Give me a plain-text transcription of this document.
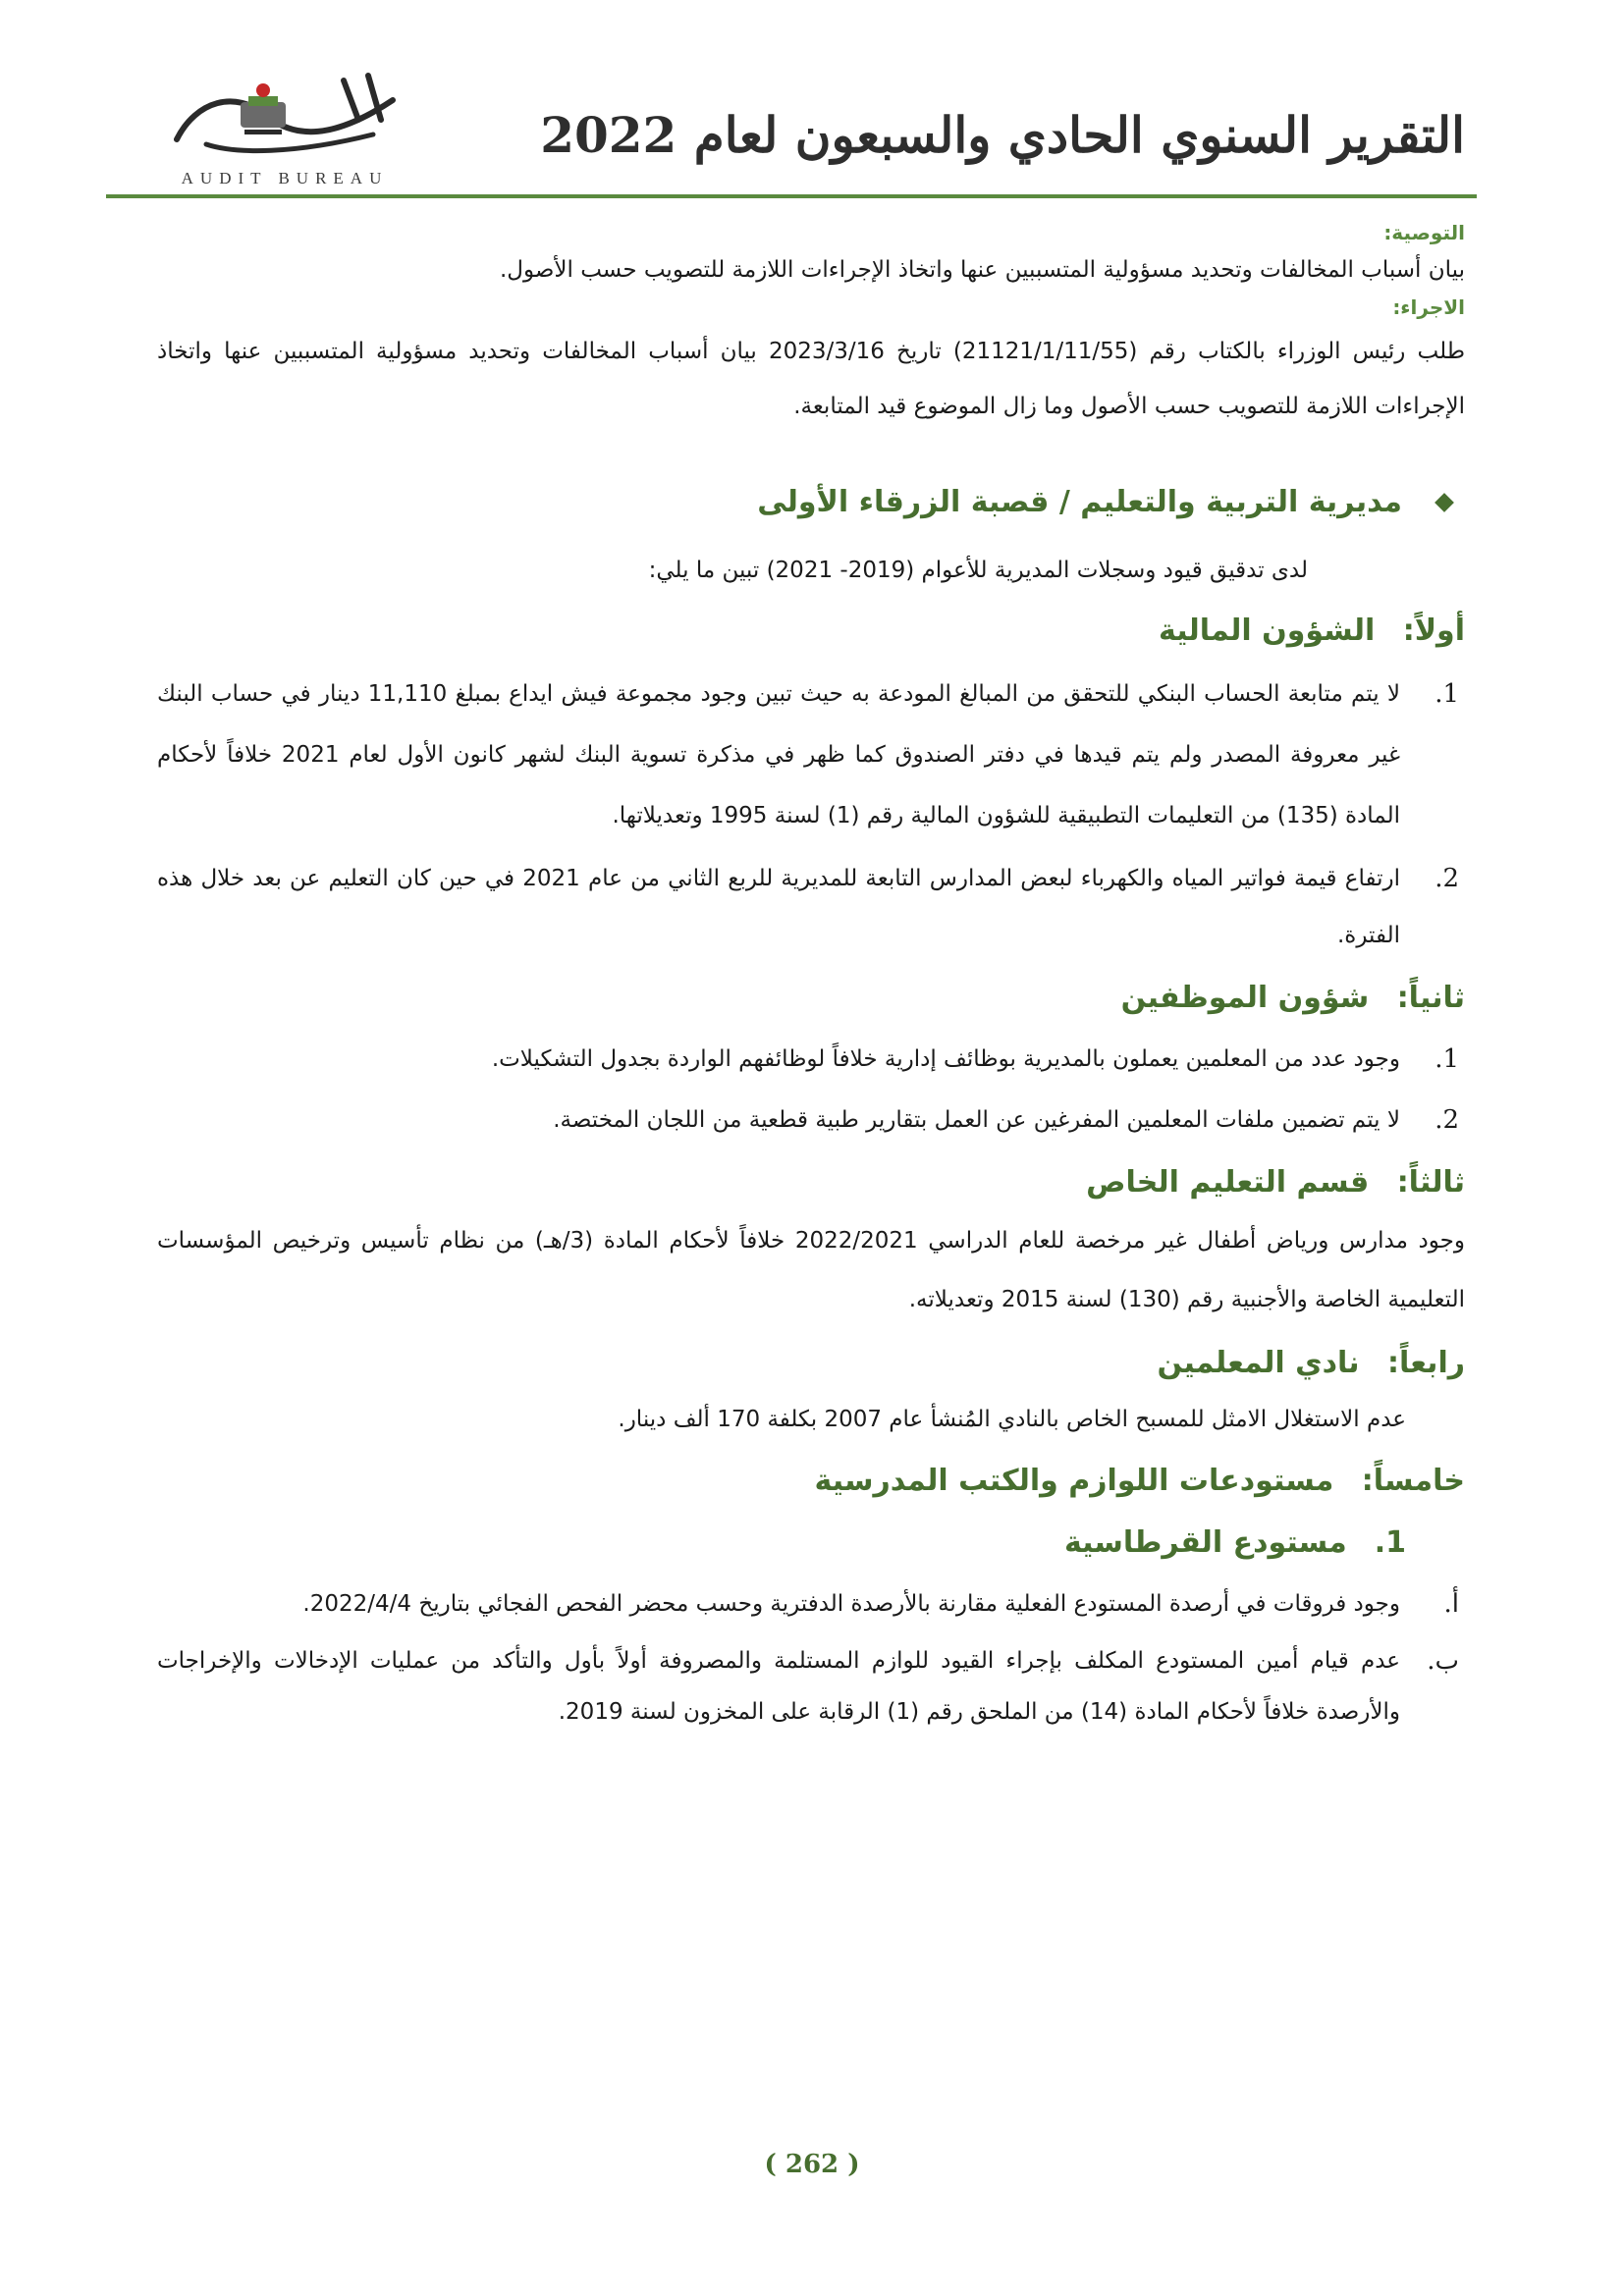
التقرير السنوي الحادي والسبعون لعام 2022
AUDIT BUREAU
التوصية:

بيان أسباب المخالفات وتحديد مسؤولية المتسببين عنها واتخاذ الإجراءات اللازمة للتصويب حسب الأصول.

الاجراء:

طلب رئيس الوزراء بالكتاب رقم (21121/1/11/55) تاريخ 2023/3/16 بيان أسباب المخالفات وتحديد مسؤولية المتسببين عنها واتخاذ الإجراءات اللازمة للتصويب حسب الأصول وما زال الموضوع قيد المتابعة.

مديرية التربية والتعليم / قصبة الزرقاء الأولى

لدى تدقيق قيود وسجلات المديرية للأعوام (2019- 2021) تبين ما يلي:

أولاً: الشؤون المالية
1.
لا يتم متابعة الحساب البنكي للتحقق من المبالغ المودعة به حيث تبين وجود مجموعة فيش ايداع بمبلغ 11,110 دينار في حساب البنك غير معروفة المصدر ولم يتم قيدها في دفتر الصندوق كما ظهر في مذكرة تسوية البنك لشهر كانون الأول لعام 2021 خلافاً لأحكام المادة (135) من التعليمات التطبيقية للشؤون المالية رقم (1) لسنة 1995 وتعديلاتها.
2.
ارتفاع قيمة فواتير المياه والكهرباء لبعض المدارس التابعة للمديرية للربع الثاني من عام 2021 في حين كان التعليم عن بعد خلال هذه الفترة.
ثانياً: شؤون الموظفين
1.
وجود عدد من المعلمين يعملون بالمديرية بوظائف إدارية خلافاً لوظائفهم الواردة بجدول التشكيلات.
2.
لا يتم تضمين ملفات المعلمين المفرغين عن العمل بتقارير طبية قطعية من اللجان المختصة.
ثالثاً: قسم التعليم الخاص

وجود مدارس ورياض أطفال غير مرخصة للعام الدراسي 2022/2021 خلافاً لأحكام المادة (3/هـ) من نظام تأسيس وترخيص المؤسسات التعليمية الخاصة والأجنبية رقم (130) لسنة 2015 وتعديلاته.

رابعاً: نادي المعلمين

عدم الاستغلال الامثل للمسبح الخاص بالنادي المُنشأ عام 2007 بكلفة 170 ألف دينار.

خامساً: مستودعات اللوازم والكتب المدرسية
1.
مستودع القرطاسية
أ.
وجود فروقات في أرصدة المستودع الفعلية مقارنة بالأرصدة الدفترية وحسب محضر الفحص الفجائي بتاريخ 2022/4/4.
ب.
عدم قيام أمين المستودع المكلف بإجراء القيود للوازم المستلمة والمصروفة أولاً بأول والتأكد من عمليات الإدخالات والإخراجات والأرصدة خلافاً لأحكام المادة (14) من الملحق رقم (1) الرقابة على المخزون لسنة 2019.
( 262 )
